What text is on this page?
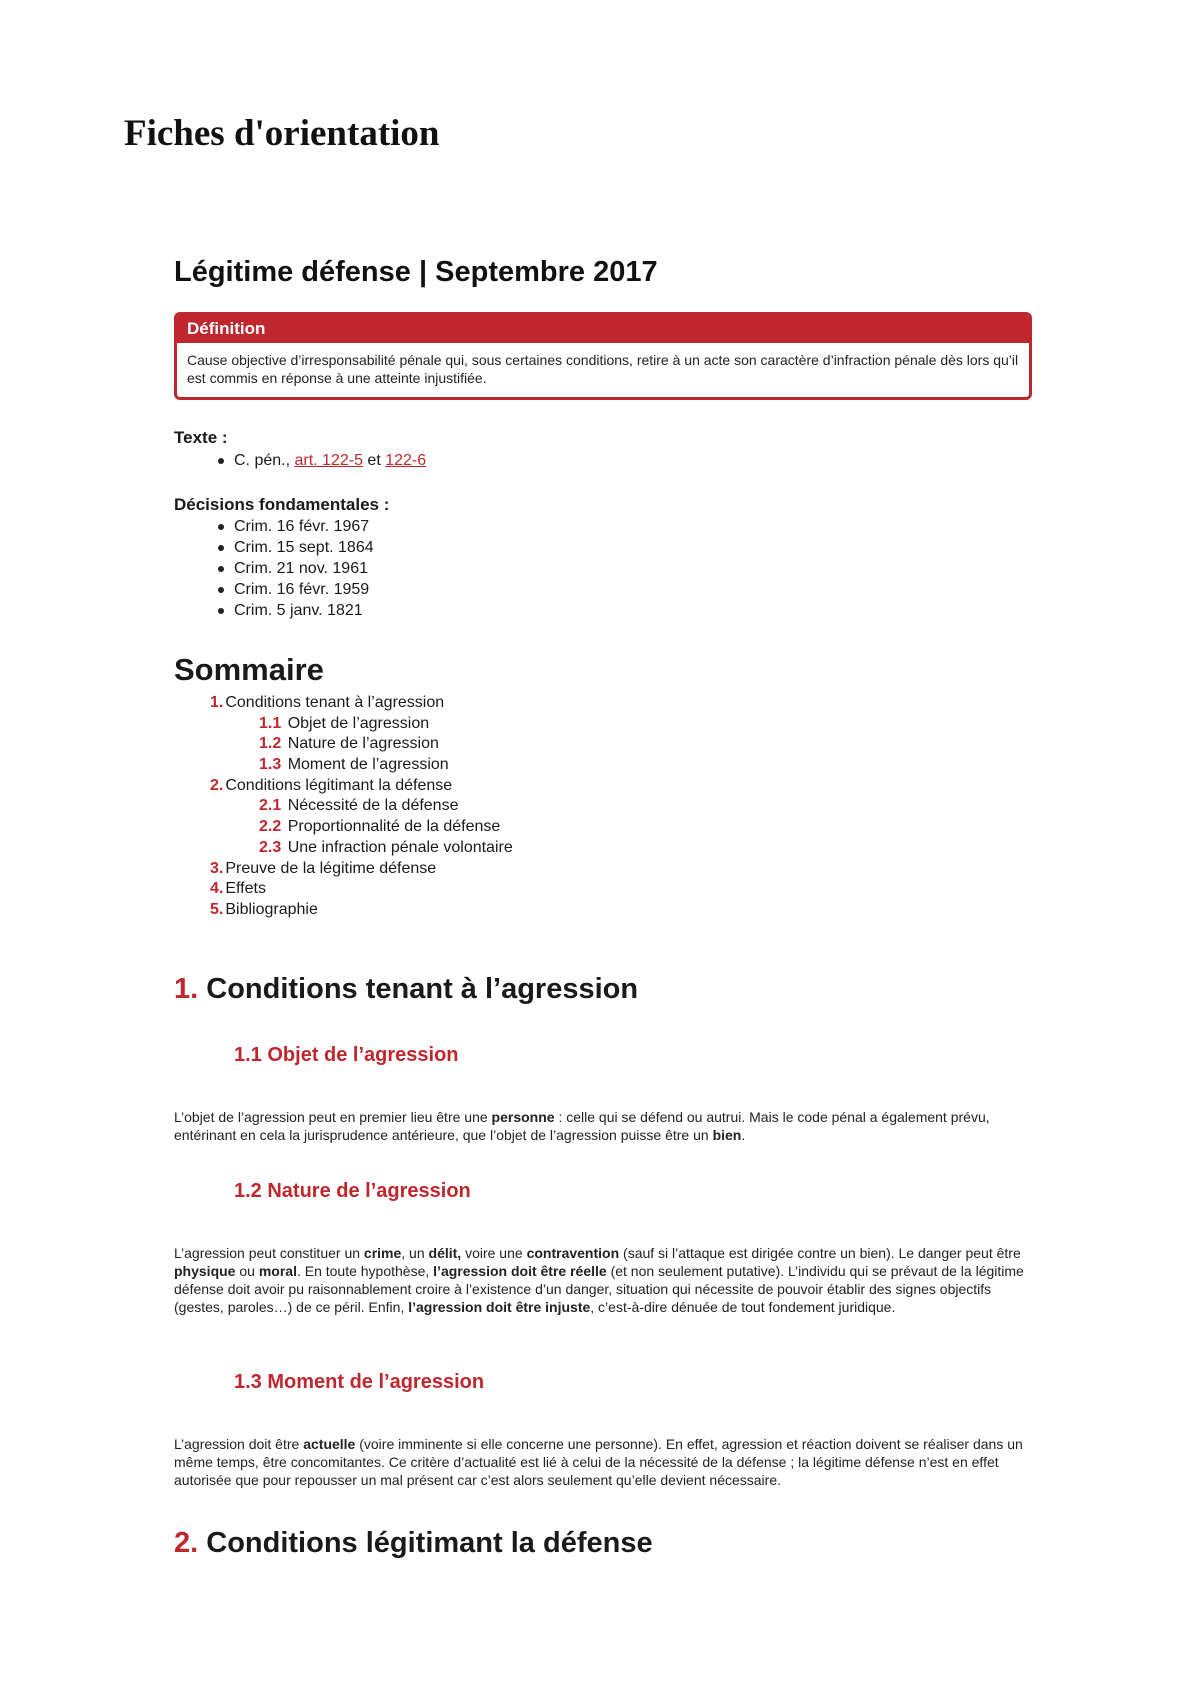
Fiches d'orientation
Légitime défense | Septembre 2017
Définition
Cause objective d’irresponsabilité pénale qui, sous certaines conditions, retire à un acte son caractère d’infraction pénale dès lors qu’il est commis en réponse à une atteinte injustifiée.

Texte :

C. pén., art. 122-5 et 122-6

Décisions fondamentales :

Crim. 16 févr. 1967
Crim. 15 sept. 1864
Crim. 21 nov. 1961
Crim. 16 févr. 1959
Crim. 5 janv. 1821
Sommaire
1. Conditions tenant à l’agression
1.1 Objet de l’agression
1.2 Nature de l’agression
1.3 Moment de l’agression
2. Conditions légitimant la défense
2.1 Nécessité de la défense
2.2 Proportionnalité de la défense
2.3 Une infraction pénale volontaire
3. Preuve de la légitime défense
4. Effets
5. Bibliographie
1. Conditions tenant à l’agression
1.1 Objet de l’agression

L’objet de l’agression peut en premier lieu être une personne : celle qui se défend ou autrui. Mais le code pénal a également prévu, entérinant en cela la jurisprudence antérieure, que l’objet de l’agression puisse être un bien.

1.2 Nature de l’agression

L’agression peut constituer un crime, un délit, voire une contravention (sauf si l’attaque est dirigée contre un bien). Le danger peut être physique ou moral. En toute hypothèse, l’agression doit être réelle (et non seulement putative). L’individu qui se prévaut de la légitime défense doit avoir pu raisonnablement croire à l’existence d’un danger, situation qui nécessite de pouvoir établir des signes objectifs (gestes, paroles…) de ce péril. Enfin, l’agression doit être injuste, c’est-à-dire dénuée de tout fondement juridique.

1.3 Moment de l’agression

L’agression doit être actuelle (voire imminente si elle concerne une personne). En effet, agression et réaction doivent se réaliser dans un même temps, être concomitantes. Ce critère d’actualité est lié à celui de la nécessité de la défense ; la légitime défense n’est en effet autorisée que pour repousser un mal présent car c’est alors seulement qu’elle devient nécessaire.

2. Conditions légitimant la défense
